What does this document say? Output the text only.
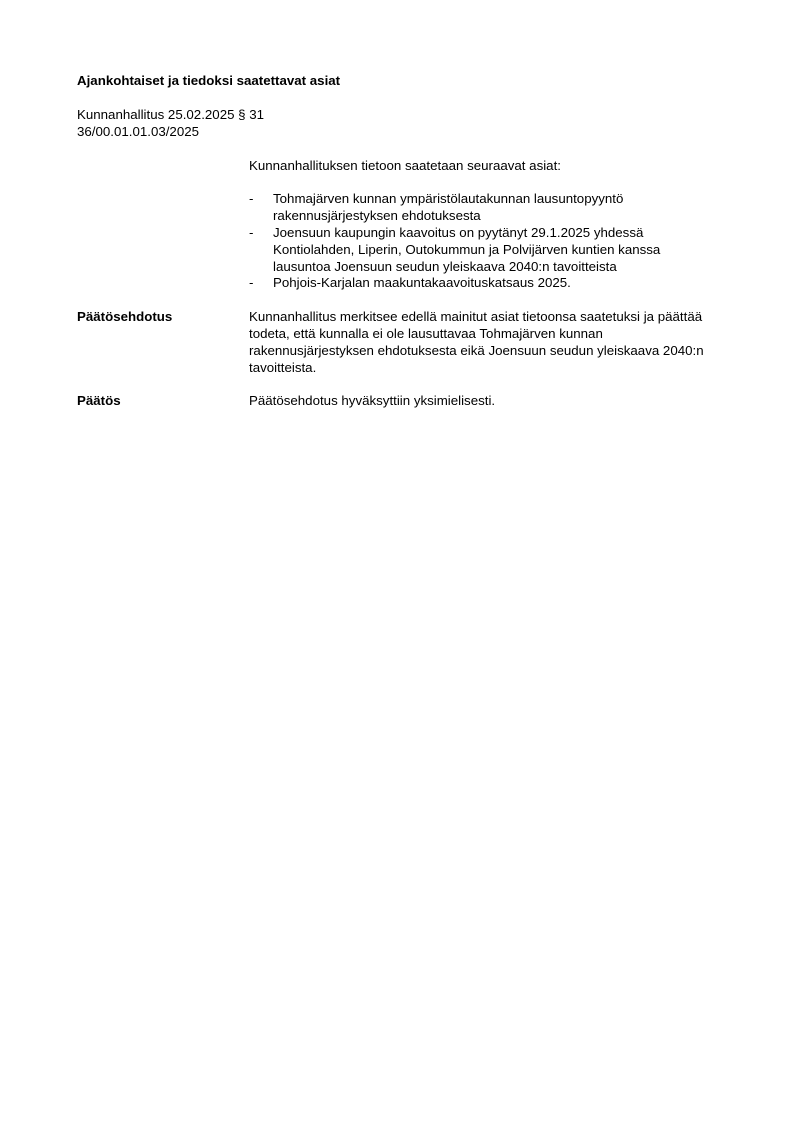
Ajankohtaiset ja tiedoksi saatettavat asiat
Kunnanhallitus 25.02.2025 § 31
36/00.01.01.03/2025
Kunnanhallituksen tietoon saatetaan seuraavat asiat:
- Tohmajärven kunnan ympäristölautakunnan lausuntopyyntö rakennusjärjestyksen ehdotuksesta
- Joensuun kaupungin kaavoitus on pyytänyt 29.1.2025 yhdessä Kontiolahden, Liperin, Outokummun ja Polvijärven kuntien kanssa lausuntoa Joensuun seudun yleiskaava 2040:n tavoitteista
- Pohjois-Karjalan maakuntakaavoituskatsaus 2025.
Päätösehdotus	Kunnanhallitus merkitsee edellä mainitut asiat tietoonsa saatetuksi ja päättää todeta, että kunnalla ei ole lausuttavaa Tohmajärven kunnan rakennusjärjestyksen ehdotuksesta eikä Joensuun seudun yleiskaava 2040:n tavoitteista.
Päätös	Päätösehdotus hyväksyttiin yksimielisesti.
